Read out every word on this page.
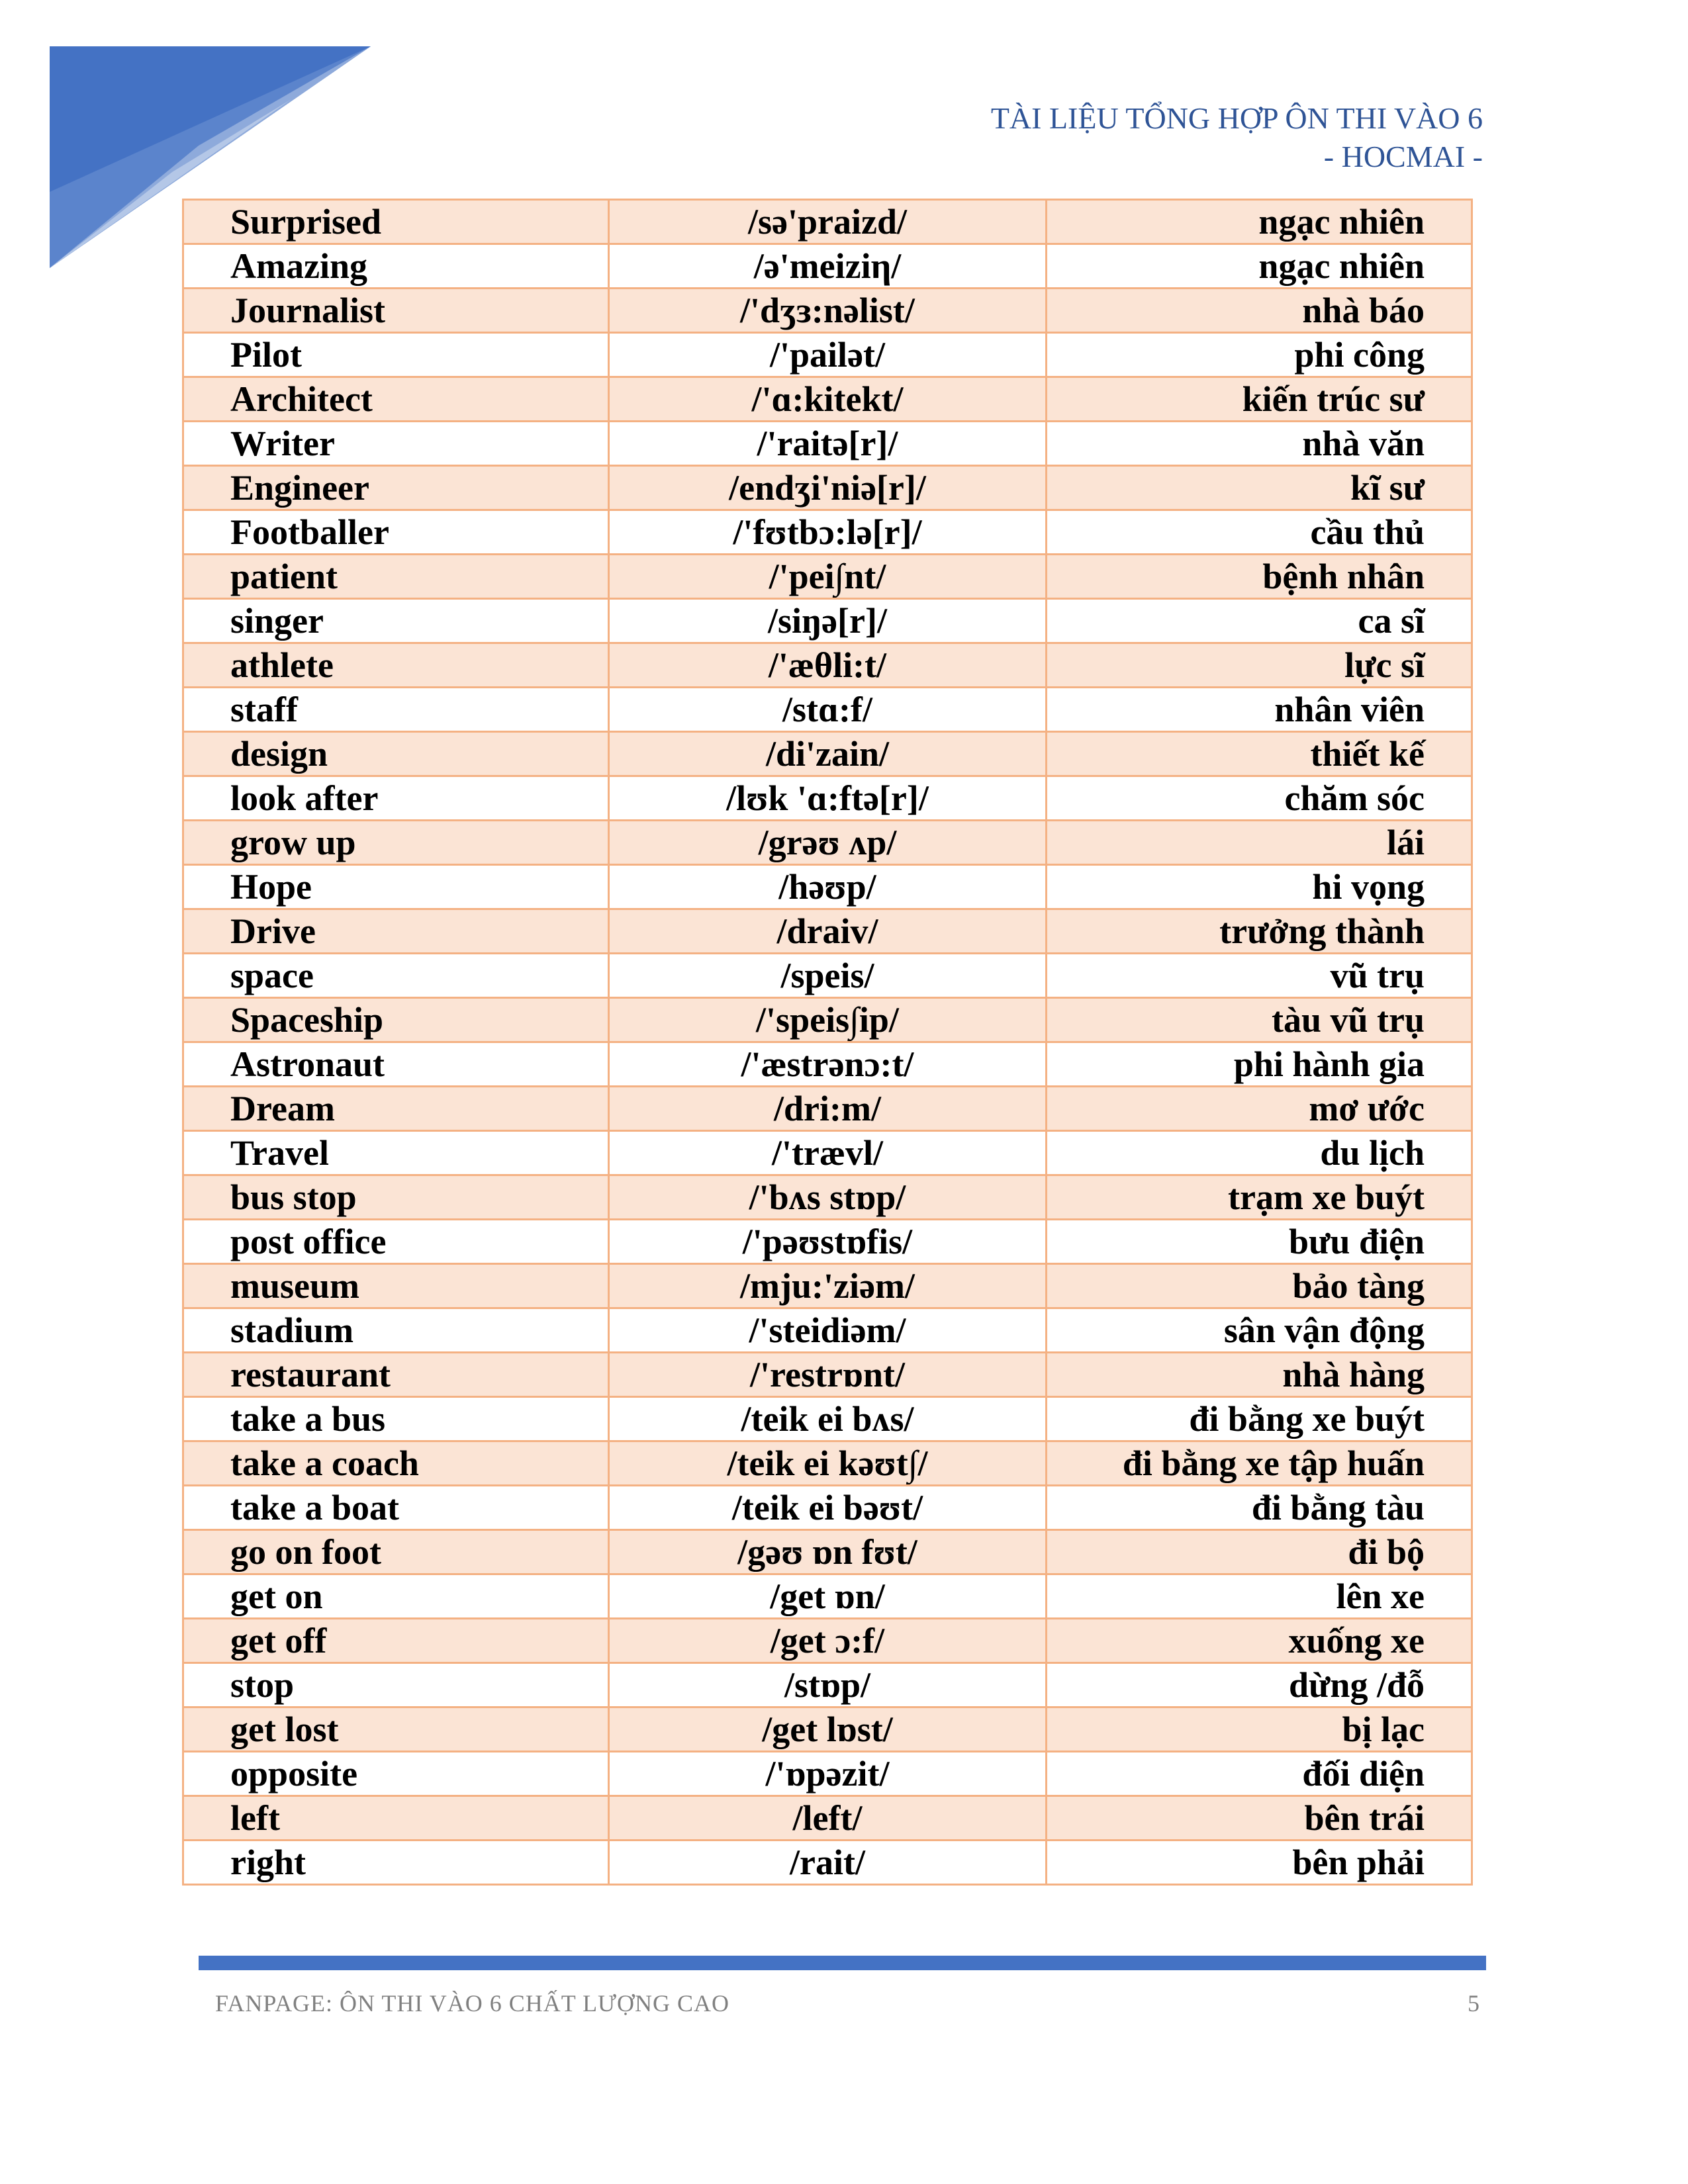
TÀI LIỆU TỔNG HỢP ÔN THI VÀO 6
- HOCMAI -
Surprised	/sə'praizd/	ngạc nhiên
Amazing	/ə'meiziη/	ngạc nhiên
Journalist	/'dʒɜ:nəlist/	nhà báo
Pilot	/'pailət/	phi công
Architect	/'ɑ:kitekt/	kiến trúc sư
Writer	/'raitə[r]/	nhà văn
Engineer	/endʒi'niə[r]/	kĩ sư
Footballer	/'fʊtbɔ:lə[r]/	cầu thủ
patient	/'pei∫nt/	bệnh nhân
singer	/siŋə[r]/	ca sĩ
athlete	/'æθli:t/	lực sĩ
staff	/stɑ:f/	nhân viên
design	/di'zain/	thiết kế
look after	/lʊk 'ɑ:ftə[r]/	chăm sóc
grow up	/grəʊ ʌp/	lái
Hope	/həʊp/	hi vọng
Drive	/draiv/	trưởng thành
space	/speis/	vũ trụ
Spaceship	/'speis∫ip/	tàu vũ trụ
Astronaut	/'æstrənɔ:t/	phi hành gia
Dream	/dri:m/	mơ ước
Travel	/'trævl/	du lịch
bus stop	/'bʌs stɒp/	trạm xe buýt
post office	/'pəʊstɒfis/	bưu điện
museum	/mju:'ziəm/	bảo tàng
stadium	/'steidiəm/	sân vận động
restaurant	/'restrɒnt/	nhà hàng
take a bus	/teik ei bʌs/	đi bằng xe buýt
take a coach	/teik ei kəʊt∫/	đi bằng xe tập huấn
take a boat	/teik ei bəʊt/	đi bằng tàu
go on foot	/gəʊ ɒn fʊt/	đi bộ
get on	/get ɒn/	lên xe
get off	/get ɔ:f/	xuống xe
stop	/stɒp/	dừng /đỗ
get lost	/get lɒst/	bị lạc
opposite	/'ɒpəzit/	đối diện
left	/left/	bên trái
right	/rait/	bên phải
FANPAGE: ÔN THI VÀO 6 CHẤT LƯỢNG CAO	5
